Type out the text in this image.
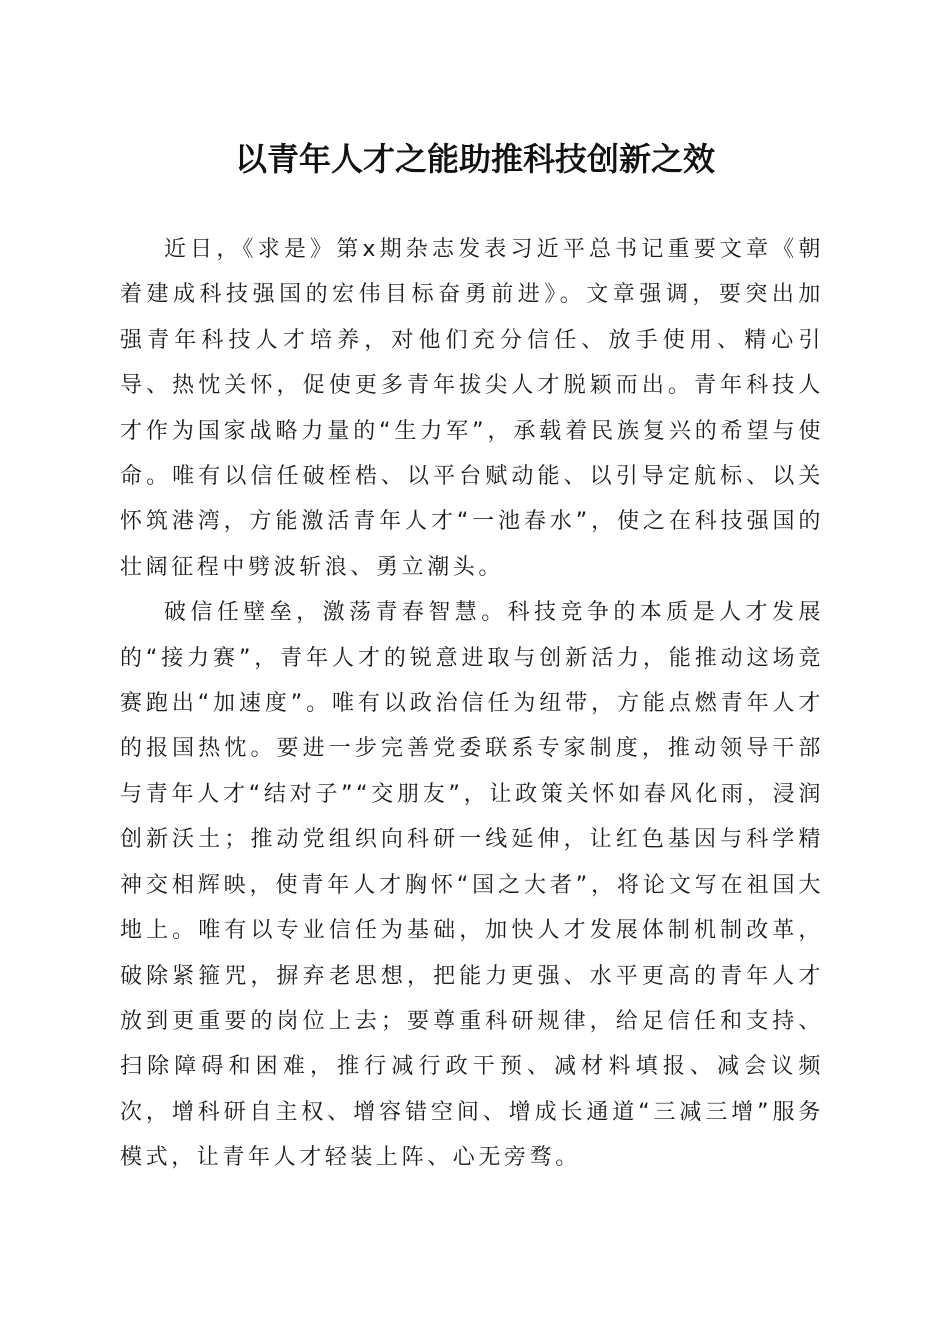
以青年人才之能助推科技创新之效

近日，《求是》第x期杂志发表习近平总书记重要文章《朝着建成科技强国的宏伟目标奋勇前进》。文章强调，要突出加强青年科技人才培养，对他们充分信任、放手使用、精心引导、热忱关怀，促使更多青年拔尖人才脱颖而出。青年科技人才作为国家战略力量的“生力军”，承载着民族复兴的希望与使命。唯有以信任破桎梏、以平台赋动能、以引导定航标、以关怀筑港湾，方能激活青年人才“一池春水”，使之在科技强国的壮阔征程中劈波斩浪、勇立潮头。

破信任壁垒，激荡青春智慧。科技竞争的本质是人才发展的“接力赛”，青年人才的锐意进取与创新活力，能推动这场竞赛跑出“加速度”。唯有以政治信任为纽带，方能点燃青年人才的报国热忱。要进一步完善党委联系专家制度，推动领导干部与青年人才“结对子”“交朋友”，让政策关怀如春风化雨，浸润创新沃土；推动党组织向科研一线延伸，让红色基因与科学精神交相辉映，使青年人才胸怀“国之大者”，将论文写在祖国大地上。唯有以专业信任为基础，加快人才发展体制机制改革，破除紧箍咒，摒弃老思想，把能力更强、水平更高的青年人才放到更重要的岗位上去；要尊重科研规律，给足信任和支持、扫除障碍和困难，推行减行政干预、减材料填报、减会议频次，增科研自主权、增容错空间、增成长通道“三减三增”服务模式，让青年人才轻装上阵、心无旁骛。
